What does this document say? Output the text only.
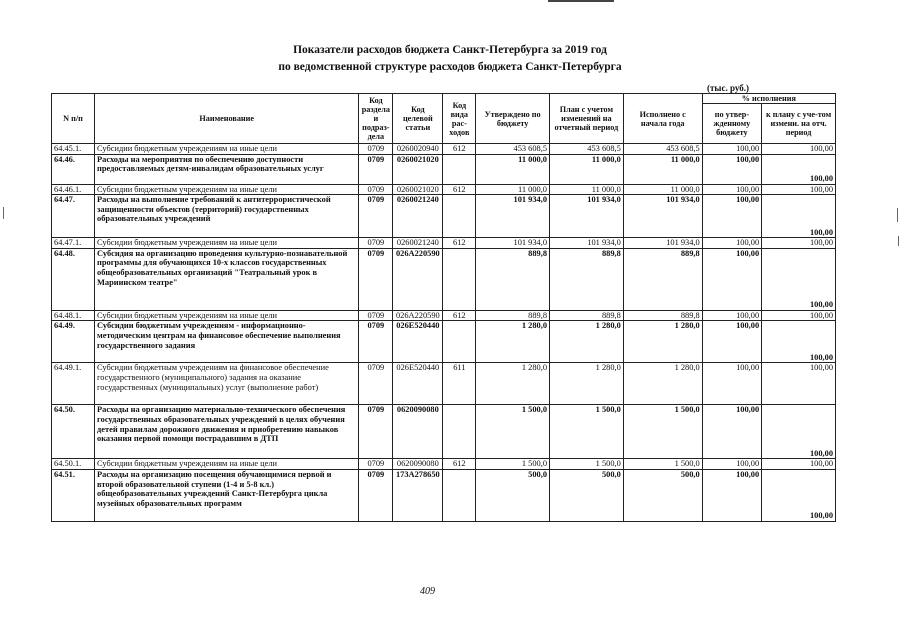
Показатели расходов бюджета Санкт-Петербурга за 2019 год
по ведомственной структуре расходов бюджета Санкт-Петербурга
(тыс. руб.)
N п/п	Наименование	Код раздела и подраз-дела	Код целевой статьи	Код вида рас-ходов	Утверждено по бюджету	План с учетом изменений на отчетный период	Исполнено с начала года	% исполнения	
								по утвер-жденному бюджету	к плану с уче-том измени. на отч. период
64.45.1.	Субсидии бюджетным учреждениям на иные цели	0709	0260020940	612	453 608,5	453 608,5	453 608,5	100,00	100,00
64.46.	Расходы на мероприятия по обеспечению доступности предоставляемых детям-инвалидам образовательных услуг	0709	0260021020		11 000,0	11 000,0	11 000,0	100,00	100,00
64.46.1.	Субсидии бюджетным учреждениям на иные цели	0709	0260021020	612	11 000,0	11 000,0	11 000,0	100,00	100,00
64.47.	Расходы на выполнение требований к антитеррористической защищенности объектов (территорий) государственных образовательных учреждений	0709	0260021240		101 934,0	101 934,0	101 934,0	100,00	100,00
64.47.1.	Субсидии бюджетным учреждениям на иные цели	0709	0260021240	612	101 934,0	101 934,0	101 934,0	100,00	100,00
64.48.	Субсидия на организацию проведения культурно-познавательной программы для обучающихся 10-х классов государственных общеобразовательных организаций "Театральный урок в Мариинском театре"	0709	026A220590		889,8	889,8	889,8	100,00	100,00
64.48.1.	Субсидии бюджетным учреждениям на иные цели	0709	026A220590	612	889,8	889,8	889,8	100,00	100,00
64.49.	Субсидии бюджетным учреждениям - информационно-методическим центрам на финансовое обеспечение выполнения государственного задания	0709	026E520440		1 280,0	1 280,0	1 280,0	100,00	100,00
64.49.1.	Субсидии бюджетным учреждениям на финансовое обеспечение государственного (муниципального) задания на оказание государственных (муниципальных) услуг (выполнение работ)	0709	026E520440	611	1 280,0	1 280,0	1 280,0	100,00	100,00
64.50.	Расходы на организацию материально-технического обеспечения государственных образовательных учреждений в целях обучения детей правилам дорожного движения и приобретению навыков оказания первой помощи пострадавшим в ДТП	0709	0620090080		1 500,0	1 500,0	1 500,0	100,00	100,00
64.50.1.	Субсидии бюджетным учреждениям на иные цели	0709	0620090080	612	1 500,0	1 500,0	1 500,0	100,00	100,00
64.51.	Расходы на организацию посещения обучающимися первой и второй образовательной ступени (1-4 и 5-8 кл.) общеобразовательных учреждений Санкт-Петербурга цикла музейных образовательных программ	0709	173A278650		500,0	500,0	500,0	100,00	100,00
409
